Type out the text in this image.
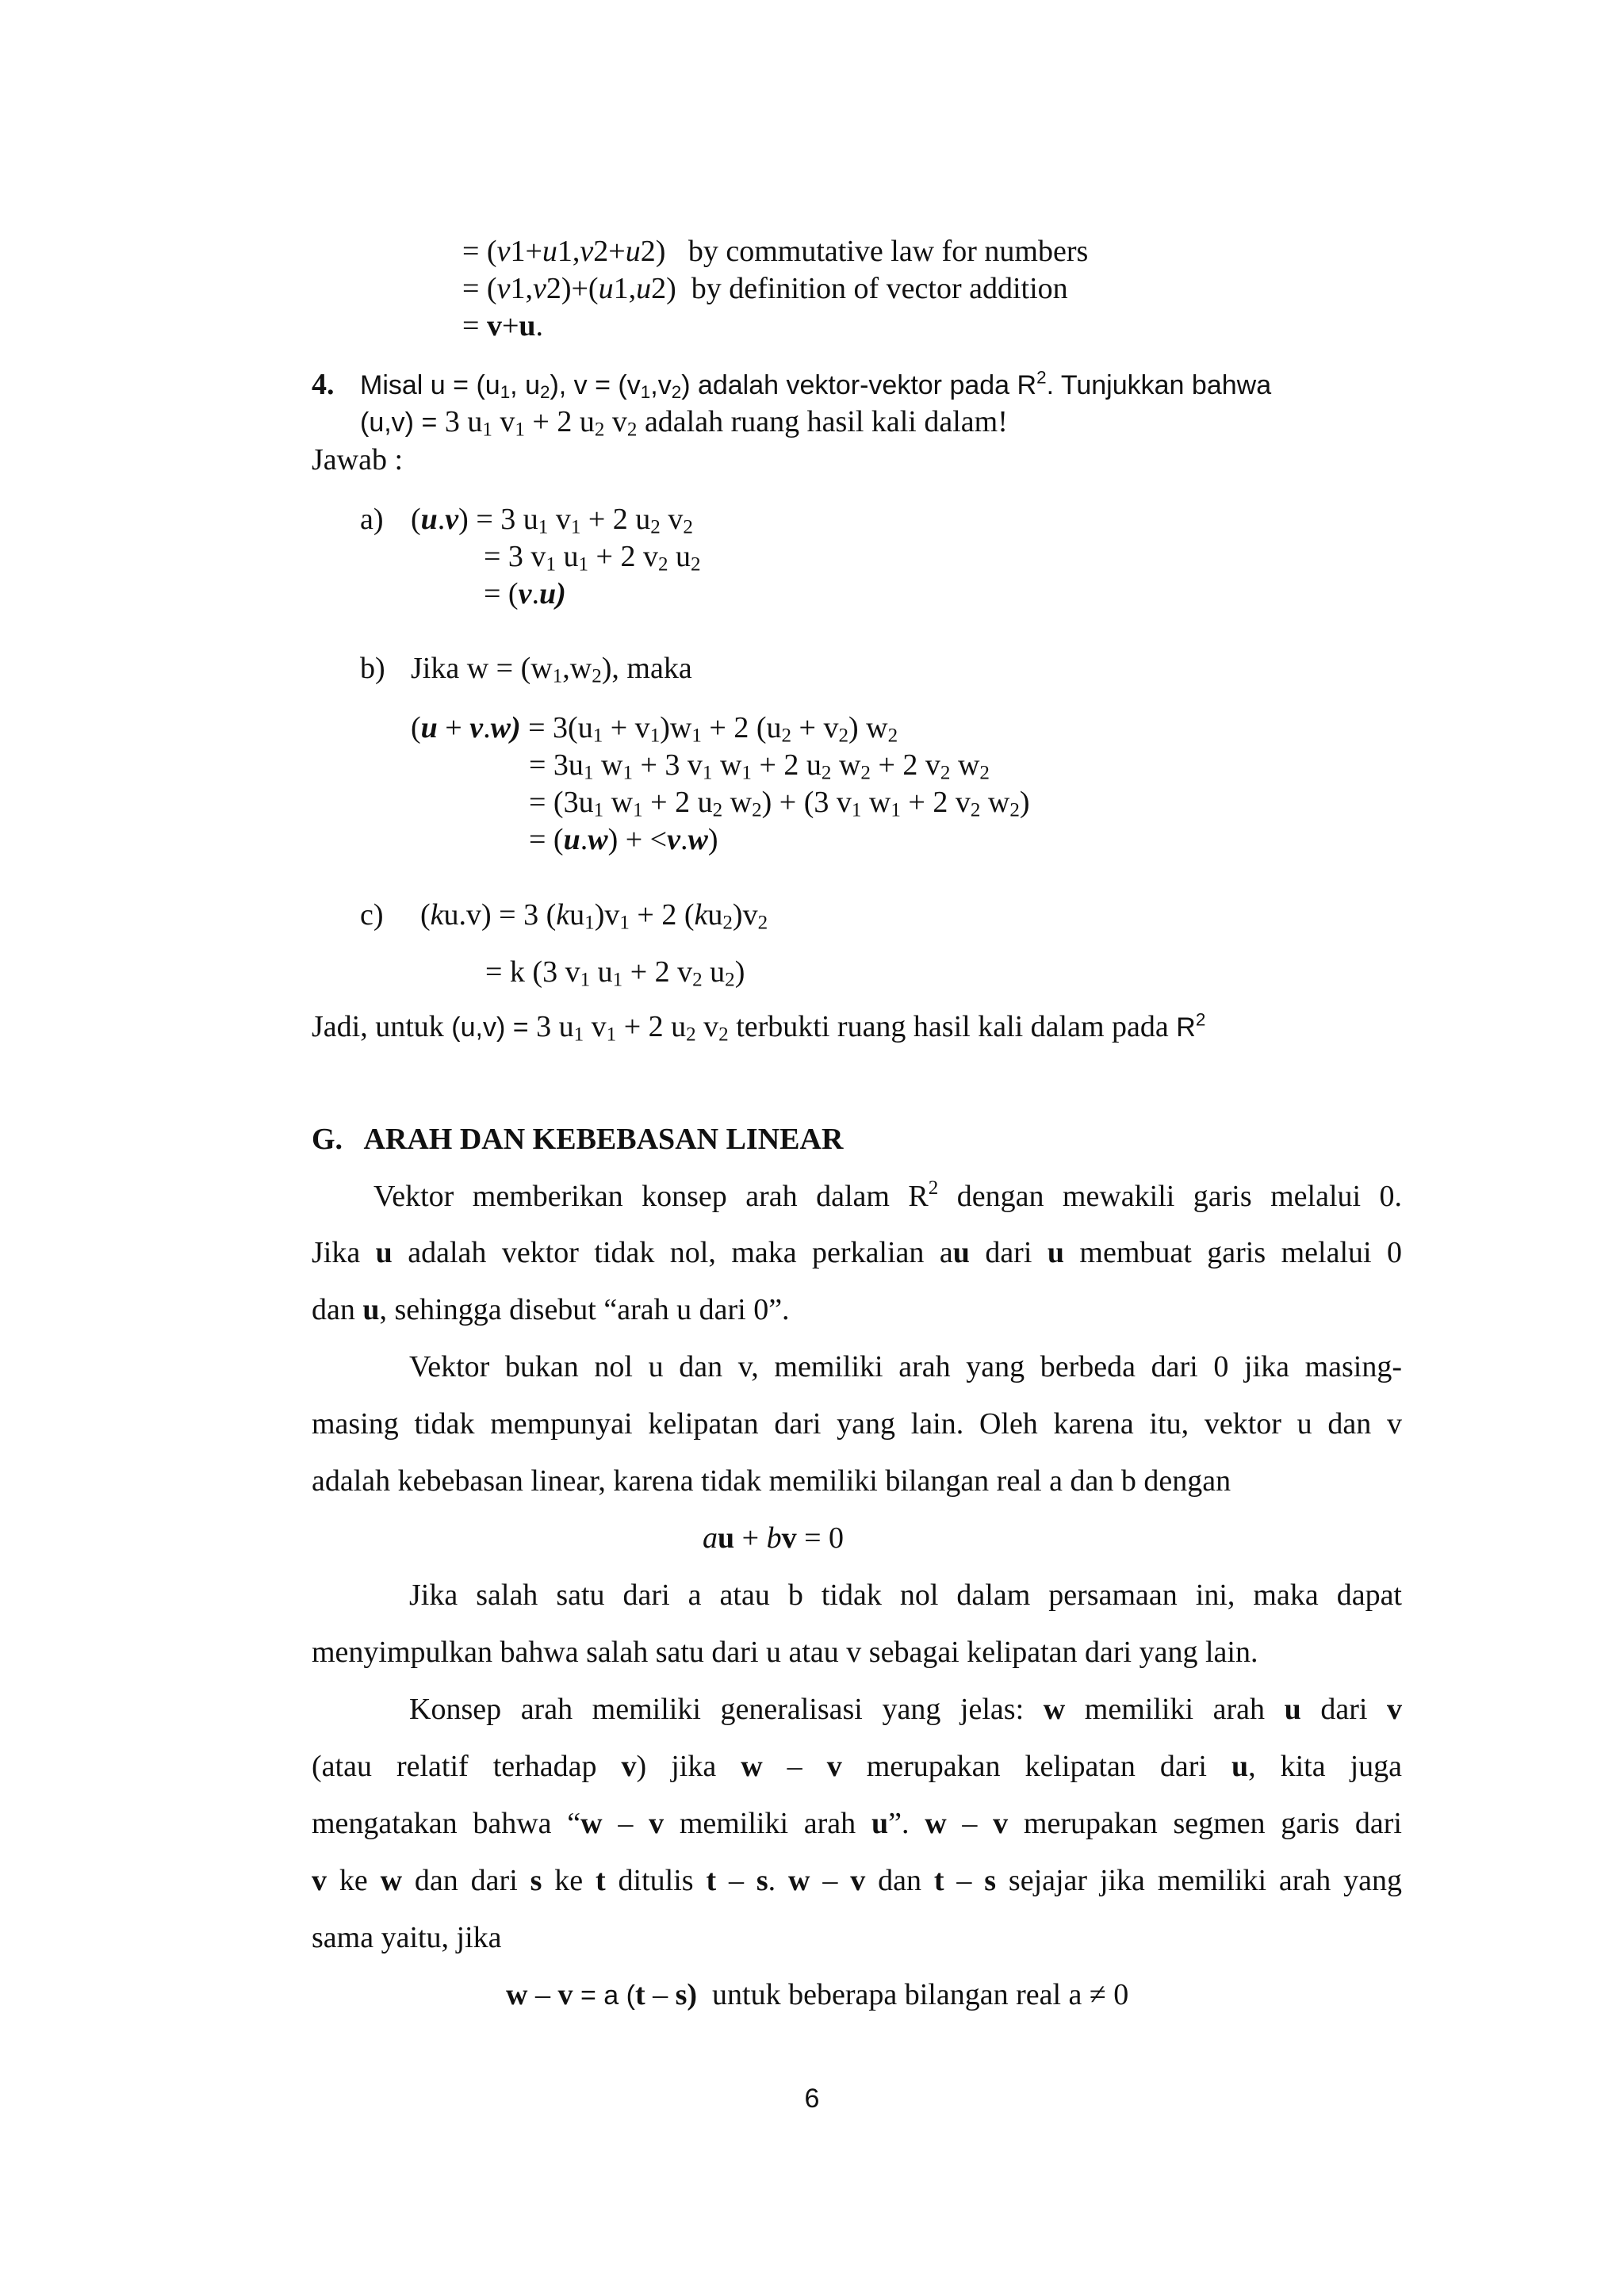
= (v1+u1,v2+u2)   by commutative law for numbers
= (v1,v2)+(u1,u2)  by definition of vector addition
= v+u.
4. Misal $u = (u_1$, $u_2$), $v = (v_1,v_2)$ adalah vektor-vektor pada $R^2$. Tunjukkan bahwa
(u,v) = 3 $u_1$ $v_1 + 2$ $u_2$ $v_2$ adalah ruang hasil kali dalam!
Jawab :
a) (u.v) = 3 $u_1$ $v_1 + 2$ $u_2$ $v_2$
= 3 $v_1$ $u_1 + 2$ $v_2$ $u_2$
= (v.u)
b) Jika $w = (w_1,w_2)$, maka
$(u + v.w) = 3(u_1 + v_1)w_1 + 2$ $(u_2 + v_2)$ $w_2$
= $3u_1$ $w_1 + 3$ $v_1$ $w_1 + 2$ $u_2$ $w_2 + 2$ $v_2$ $w_2$
= ($3u_1$ $w_1 + 2$ $u_2$ $w_2) + (3$ $v_1$ $w_1 + 2$ $v_2$ $w_2$)
= (u.w) + <v.w)
c) (ku.v) = 3 $(ku_1)v_1 + 2$ $(ku_2)v_2$
= k (3 $v_1$ $u_1 + 2$ $v_2$ $u_2$)
Jadi, untuk (u,v) = 3 $u_1$ $v_1 + 2$ $u_2$ $v_2$ terbukti ruang hasil kali dalam pada $R^2$
G.   ARAH DAN KEBEBASAN LINEAR
Vektor memberikan konsep arah dalam $R^2$ dengan mewakili garis melalui 0.
Jika u adalah vektor tidak nol, maka perkalian au dari u membuat garis melalui 0
dan u, sehingga disebut “arah u dari 0”.
Vektor bukan nol u dan v, memiliki arah yang berbeda dari 0 jika masing-
masing tidak mempunyai kelipatan dari yang lain. Oleh karena itu, vektor u dan v
adalah kebebasan linear, karena tidak memiliki bilangan real a dan b dengan
au + bv = 0
Jika salah satu dari a atau b tidak nol dalam persamaan ini, maka dapat
menyimpulkan bahwa salah satu dari u atau v sebagai kelipatan dari yang lain.
Konsep arah memiliki generalisasi yang jelas: w memiliki arah u dari v
(atau relatif terhadap v) jika w – v merupakan kelipatan dari u, kita juga
mengatakan bahwa “w – v memiliki arah u”. w – v merupakan segmen garis dari
v ke w dan dari s ke t ditulis t – s. w – v dan t – s sejajar jika memiliki arah yang
sama yaitu, jika
w – v = a (t – s)  untuk beberapa bilangan real a ≠ 0
6
